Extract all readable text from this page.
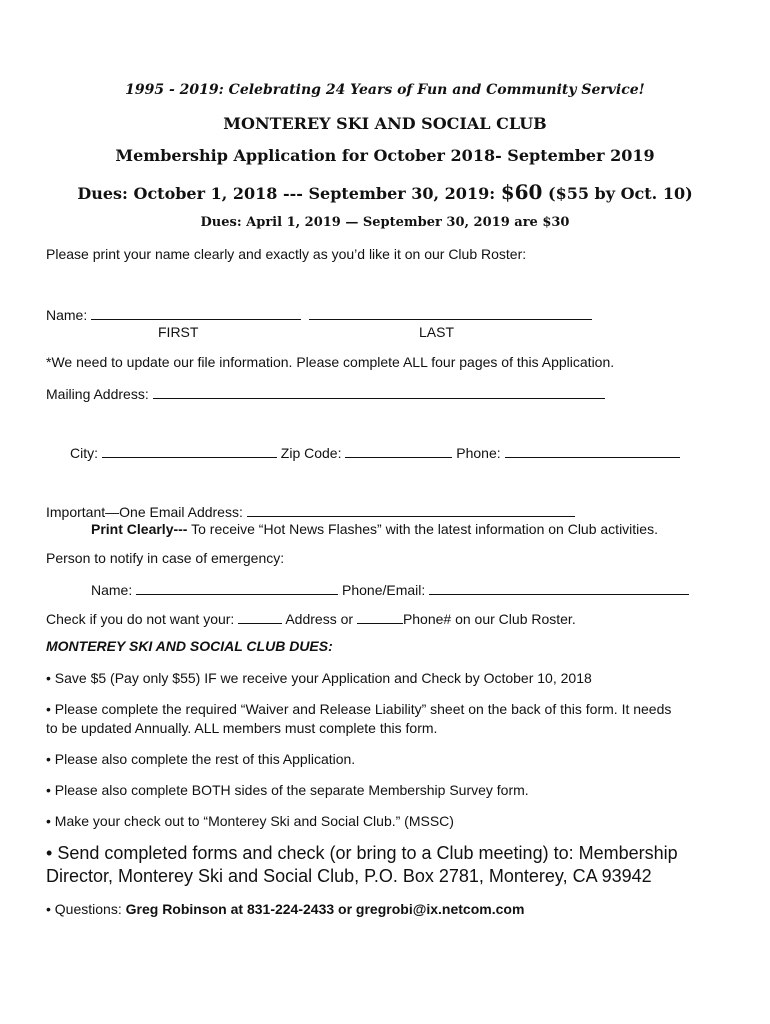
1995 - 2019: Celebrating 24 Years of Fun and Community Service!
MONTEREY SKI AND SOCIAL CLUB
Membership Application for October 2018- September 2019
Dues: October 1, 2018 --- September 30, 2019: $60 ($55 by Oct. 10)
Dues: April 1, 2019 — September 30, 2019 are $30
Please print your name clearly and exactly as you’d like it on our Club Roster:
Name:
FIRST	LAST
*We need to update our file information. Please complete ALL four pages of this Application.
Mailing Address:
City:	Zip Code:	Phone:
Important—One Email Address:
Print Clearly--- To receive “Hot News Flashes” with the latest information on Club activities.
Person to notify in case of emergency:
Name:	Phone/Email:
Check if you do not want your:	Address or	Phone# on our Club Roster.
MONTEREY SKI AND SOCIAL CLUB DUES:
• Save $5 (Pay only $55) IF we receive your Application and Check by October 10, 2018
• Please complete the required “Waiver and Release Liability” sheet on the back of this form. It needs
to be updated Annually. ALL members must complete this form.
• Please also complete the rest of this Application.
• Please also complete BOTH sides of the separate Membership Survey form.
• Make your check out to “Monterey Ski and Social Club.” (MSSC)
• Send completed forms and check (or bring to a Club meeting) to: Membership
Director, Monterey Ski and Social Club, P.O. Box 2781, Monterey, CA 93942
• Questions: Greg Robinson at 831-224-2433 or gregrobi@ix.netcom.com
